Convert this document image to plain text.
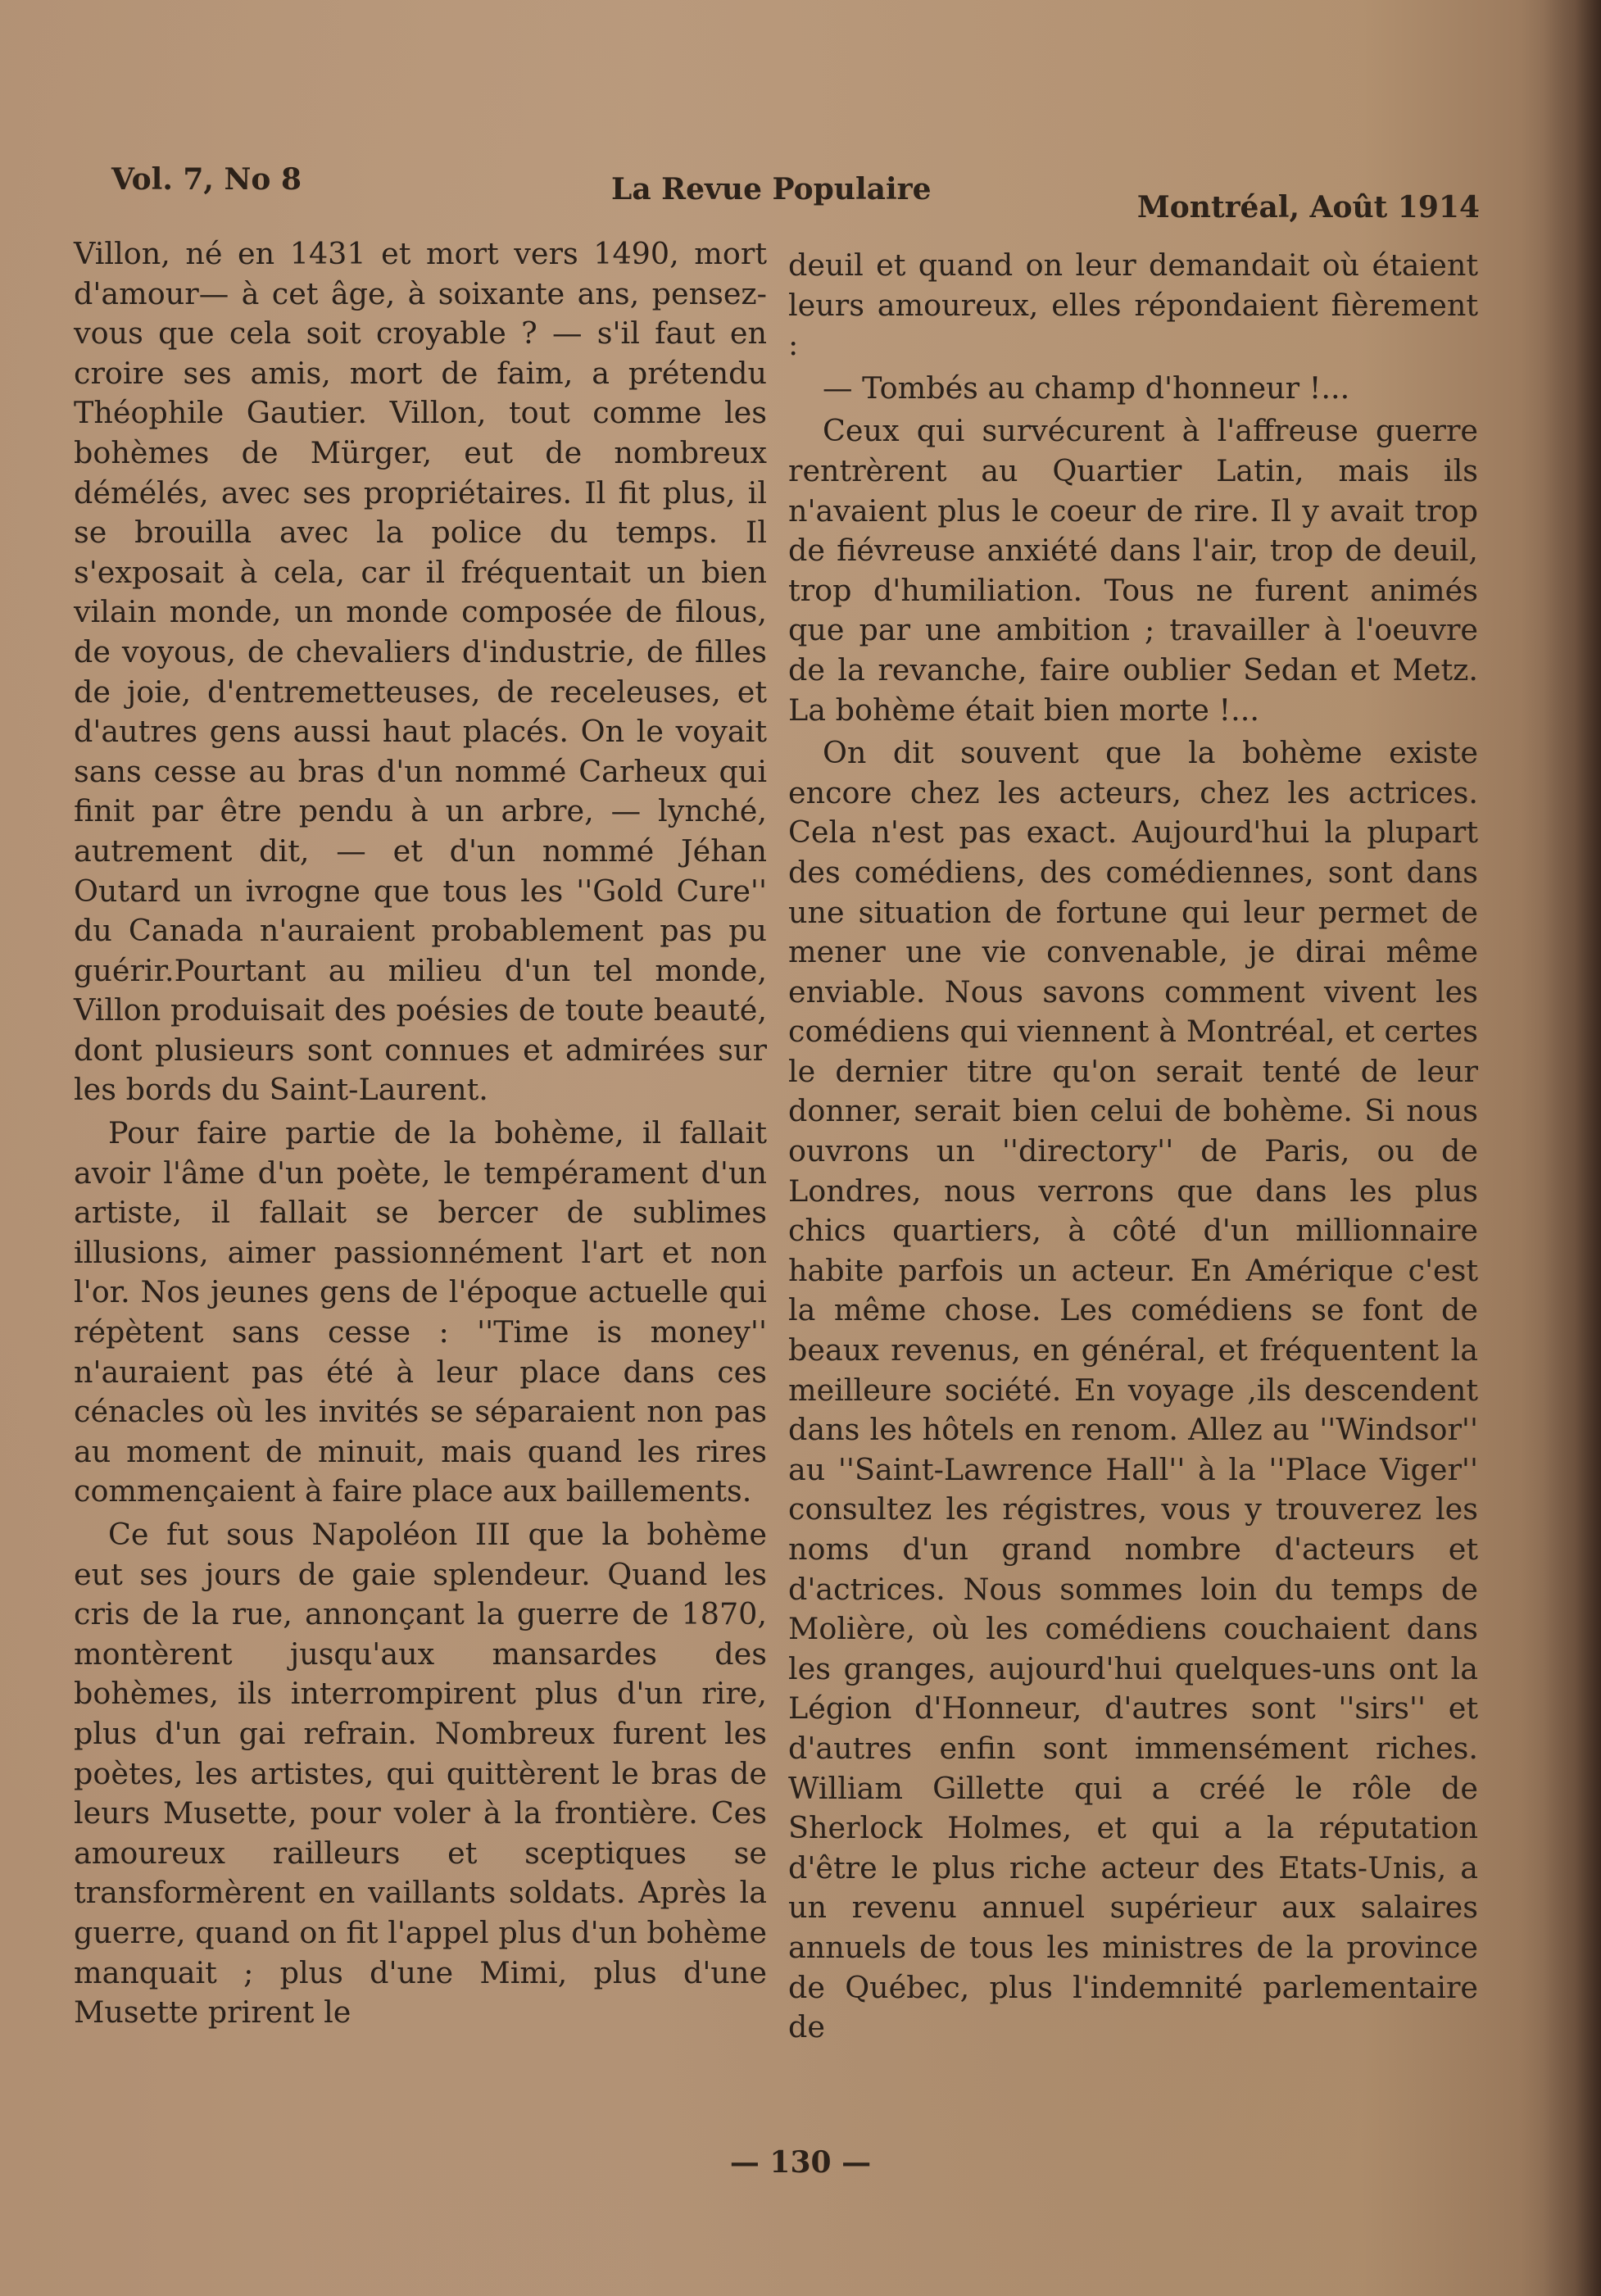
Vol. 7, No 8	La Revue Populaire
Montréal, Août 1914

Villon, né en 1431 et mort vers 1490, mort d'amour— à cet âge, à soixante ans, pensez-vous que cela soit croyable ? — s'il faut en croire ses amis, mort de faim, a prétendu Théophile Gautier. Villon, tout comme les bohèmes de Mürger, eut de nombreux démélés, avec ses propriétaires. Il fit plus, il se brouilla avec la police du temps. Il s'exposait à cela, car il fréquentait un bien vilain monde, un monde composée de filous, de voyous, de chevaliers d'industrie, de filles de joie, d'entremetteuses, de receleuses, et d'autres gens aussi haut placés. On le voyait sans cesse au bras d'un nommé Carheux qui finit par être pendu à un arbre, — lynché, autrement dit, — et d'un nommé Jéhan Outard un ivrogne que tous les ''Gold Cure'' du Canada n'auraient probablement pas pu guérir.Pourtant au milieu d'un tel monde, Villon produisait des poésies de toute beauté, dont plusieurs sont connues et admirées sur les bords du Saint-Laurent.

Pour faire partie de la bohème, il fallait avoir l'âme d'un poète, le tempérament d'un artiste, il fallait se bercer de sublimes illusions, aimer passionnément l'art et non l'or. Nos jeunes gens de l'époque actuelle qui répètent sans cesse : ''Time is money'' n'auraient pas été à leur place dans ces cénacles où les invités se séparaient non pas au moment de minuit, mais quand les rires commençaient à faire place aux baillements.

Ce fut sous Napoléon III que la bohème eut ses jours de gaie splendeur. Quand les cris de la rue, annonçant la guerre de 1870, montèrent jusqu'aux mansardes des bohèmes, ils interrompirent plus d'un rire, plus d'un gai refrain. Nombreux furent les poètes, les artistes, qui quittèrent le bras de leurs Musette, pour voler à la frontière. Ces amoureux railleurs et sceptiques se transformèrent en vaillants soldats. Après la guerre, quand on fit l'appel plus d'un bohème manquait ; plus d'une Mimi, plus d'une Musette prirent le

deuil et quand on leur demandait où étaient leurs amoureux, elles répondaient fièrement :

— Tombés au champ d'honneur !...

Ceux qui survécurent à l'affreuse guerre rentrèrent au Quartier Latin, mais ils n'avaient plus le coeur de rire. Il y avait trop de fiévreuse anxiété dans l'air, trop de deuil, trop d'humiliation. Tous ne furent animés que par une ambition ; travailler à l'oeuvre de la revanche, faire oublier Sedan et Metz. La bohème était bien morte !...

On dit souvent que la bohème existe encore chez les acteurs, chez les actrices. Cela n'est pas exact. Aujourd'hui la plupart des comédiens, des comédiennes, sont dans une situation de fortune qui leur permet de mener une vie convenable, je dirai même enviable. Nous savons comment vivent les comédiens qui viennent à Montréal, et certes le dernier titre qu'on serait tenté de leur donner, serait bien celui de bohème. Si nous ouvrons un ''directory'' de Paris, ou de Londres, nous verrons que dans les plus chics quartiers, à côté d'un millionnaire habite parfois un acteur. En Amérique c'est la même chose. Les comédiens se font de beaux revenus, en général, et fréquentent la meilleure société. En voyage ,ils descendent dans les hôtels en renom. Allez au ''Windsor'' au ''Saint-Lawrence Hall'' à la ''Place Viger'' consultez les régistres, vous y trouverez les noms d'un grand nombre d'acteurs et d'actrices. Nous sommes loin du temps de Molière, où les comédiens couchaient dans les granges, aujourd'hui quelques-uns ont la Légion d'Honneur, d'autres sont ''sirs'' et d'autres enfin sont immensément riches. William Gillette qui a créé le rôle de Sherlock Holmes, et qui a la réputation d'être le plus riche acteur des Etats-Unis, a un revenu annuel supérieur aux salaires annuels de tous les ministres de la province de Québec, plus l'indemnité parlementaire de

— 130 —
